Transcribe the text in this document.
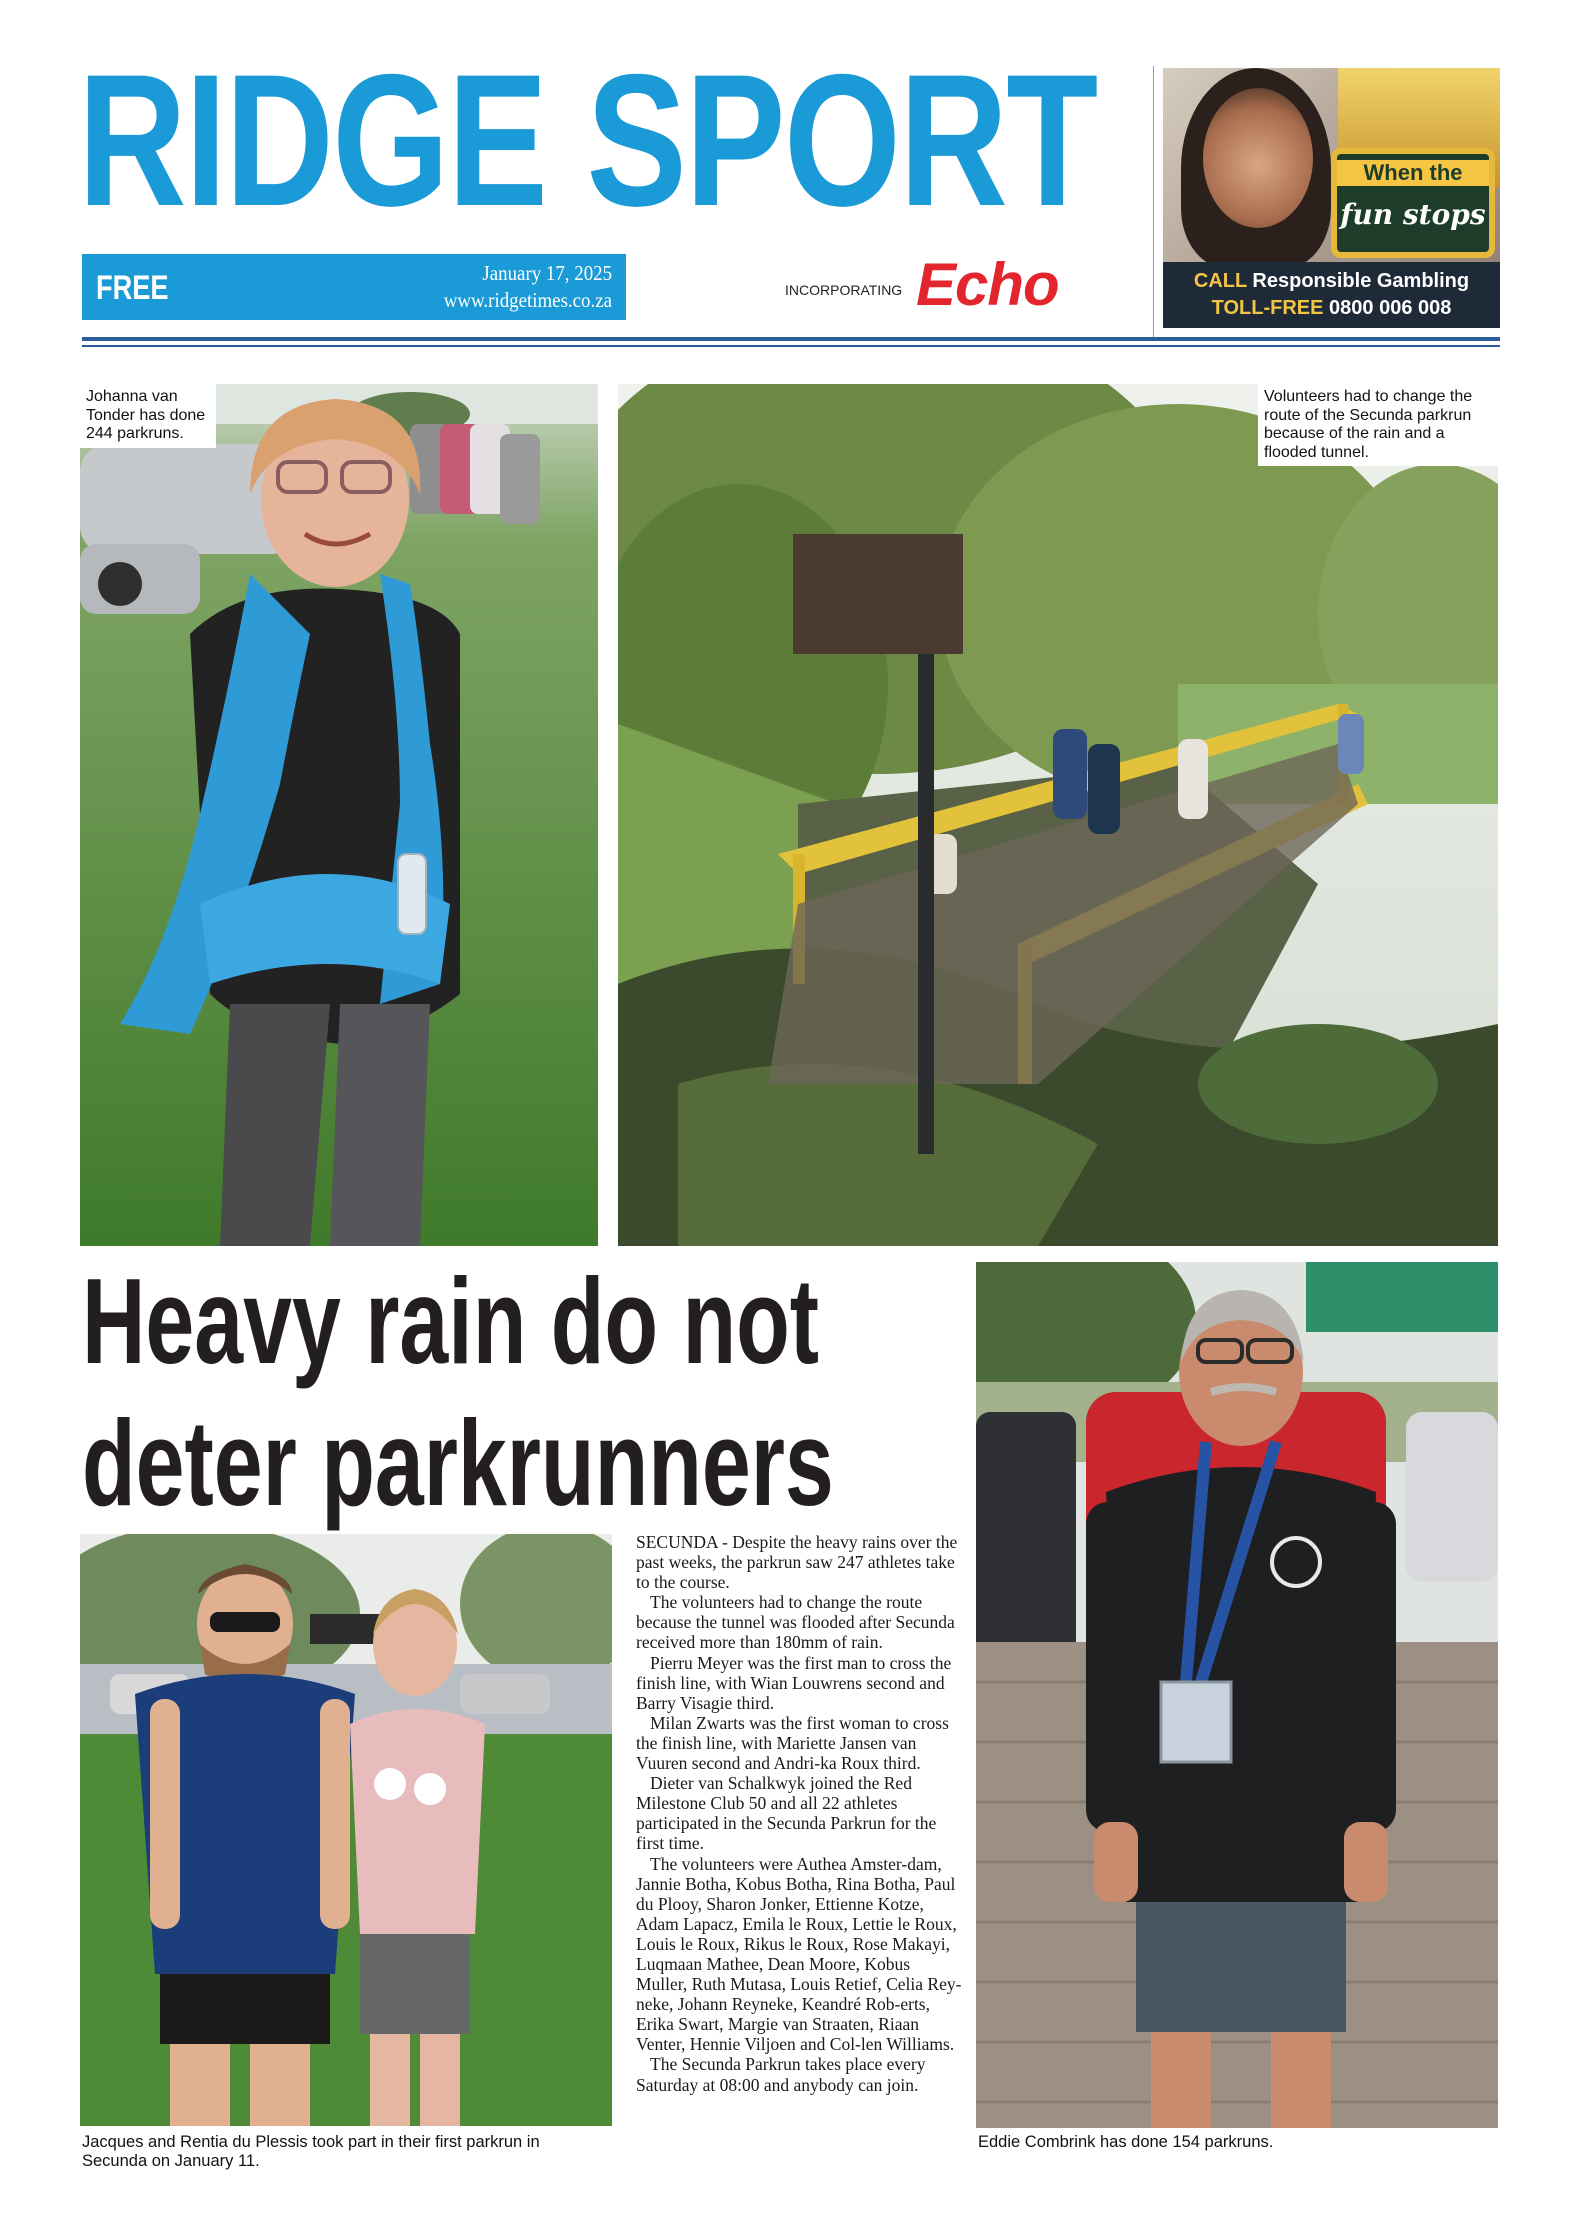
RIDGE SPORT
FREE	January 17, 2025
www.ridgetimes.co.za	INCORPORATING Echo
When the
fun stops
CALL Responsible Gambling
TOLL-FREE 0800 006 008
Johanna van
Tonder has done
244 parkruns.
Volunteers had to change the
route of the Secunda parkrun
because of the rain and a
flooded tunnel.
Heavy rain do not
deter parkrunners
Jacques and Rentia du Plessis took part in their first parkrun in
Secunda on January 11.

SECUNDA - Despite the heavy rains over the past weeks, the parkrun saw 247 athletes take to the course.

The volunteers had to change the route because the tunnel was flooded after Secunda received more than 180mm of rain.

Pierru Meyer was the first man to cross the finish line, with Wian Louwrens second and Barry Visagie third.

Milan Zwarts was the first woman to cross the finish line, with Mariette Jansen van Vuuren second and Andri-ka Roux third.

Dieter van Schalkwyk joined the Red Milestone Club 50 and all 22 athletes participated in the Secunda Parkrun for the first time.

The volunteers were Authea Amster-dam, Jannie Botha, Kobus Botha, Rina Botha, Paul du Plooy, Sharon Jonker, Ettienne Kotze, Adam Lapacz, Emila le Roux, Lettie le Roux, Louis le Roux, Rikus le Roux, Rose Makayi, Luqmaan Mathee, Dean Moore, Kobus Muller, Ruth Mutasa, Louis Retief, Celia Rey-neke, Johann Reyneke, Keandré Rob-erts, Erika Swart, Margie van Straaten, Riaan Venter, Hennie Viljoen and Col-len Williams.

The Secunda Parkrun takes place every Saturday at 08:00 and anybody can join.

Eddie Combrink has done 154 parkruns.
